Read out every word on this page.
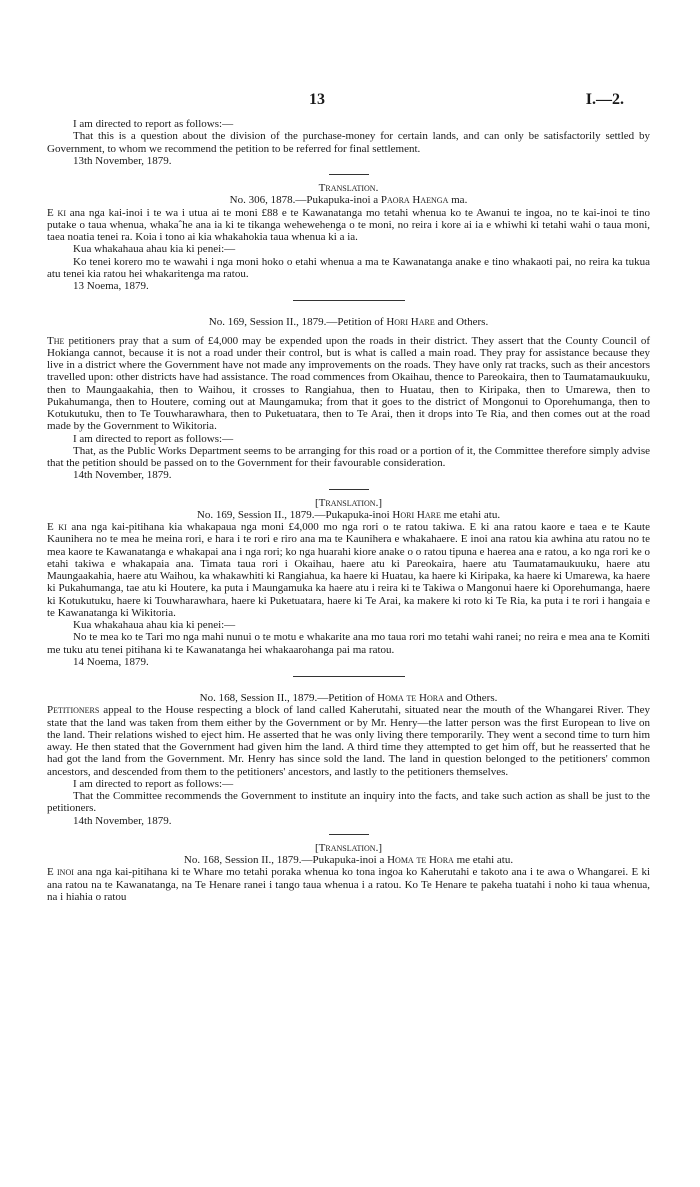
13	I.—2.

I am directed to report as follows:—

That this is a question about the division of the purchase-money for certain lands, and can only be satisfactorily settled by Government, to whom we recommend the petition to be referred for final settlement.

13th November, 1879.

Translation.

No. 306, 1878.—Pukapuka-inoi a Paora Haenga ma.

E ki ana nga kai-inoi i te wa i utua ai te moni £88 e te Kawanatanga mo tetahi whenua ko te Awanui te ingoa, no te kai-inoi te tino putake o taua whenua, whakaˆhe ana ia ki te tikanga wehewehenga o te moni, no reira i kore ai ia e whiwhi ki tetahi wahi o taua moni, taea noatia tenei ra. Koia i tono ai kia whakahokia taua whenua ki a ia.

Kua whakahaua ahau kia ki penei:—

Ko tenei korero mo te wawahi i nga moni hoko o etahi whenua a ma te Kawanatanga anake e tino whakaoti pai, no reira ka tukua atu tenei kia ratou hei whakaritenga ma ratou.

13 Noema, 1879.

No. 169, Session II., 1879.—Petition of Hori Hare and Others.

The petitioners pray that a sum of £4,000 may be expended upon the roads in their district. They assert that the County Council of Hokianga cannot, because it is not a road under their control, but is what is called a main road. They pray for assistance because they live in a district where the Government have not made any improvements on the roads. They have only rat tracks, such as their ancestors travelled upon: other districts have had assistance. The road commences from Okaihau, thence to Pareokaira, then to Taumatamaukuuku, then to Maungaakahia, then to Waihou, it crosses to Rangiahua, then to Huatau, then to Kiripaka, then to Umarewa, then to Pukahumanga, then to Houtere, coming out at Maungamuka; from that it goes to the district of Mongonui to Oporehumanga, then to Kotukutuku, then to Te Touwharawhara, then to Puketuatara, then to Te Arai, then it drops into Te Ria, and then comes out at the road made by the Government to Wikitoria.

I am directed to report as follows:—

That, as the Public Works Department seems to be arranging for this road or a portion of it, the Committee therefore simply advise that the petition should be passed on to the Government for their favourable consideration.

14th November, 1879.

[Translation.]

No. 169, Session II., 1879.—Pukapuka-inoi Hori Hare me etahi atu.

E ki ana nga kai-pitihana kia whakapaua nga moni £4,000 mo nga rori o te ratou takiwa. E ki ana ratou kaore e taea e te Kaute Kaunihera no te mea he meina rori, e hara i te rori e riro ana ma te Kaunihera e whakahaere. E inoi ana ratou kia awhina atu ratou no te mea kaore te Kawanatanga e whakapai ana i nga rori; ko nga huarahi kiore anake o o ratou tipuna e haerea ana e ratou, a ko nga rori ke o etahi takiwa e whakapaia ana. Timata taua rori i Okaihau, haere atu ki Pareokaira, haere atu Taumatamaukuuku, haere atu Maungaakahia, haere atu Waihou, ka whakawhiti ki Rangiahua, ka haere ki Huatau, ka haere ki Kiripaka, ka haere ki Umarewa, ka haere ki Pukahumanga, tae atu ki Houtere, ka puta i Maungamuka ka haere atu i reira ki te Takiwa o Mangonui haere ki Oporehumanga, haere ki Kotukutuku, haere ki Touwharawhara, haere ki Puketuatara, haere ki Te Arai, ka makere ki roto ki Te Ria, ka puta i te rori i hangaia e te Kawanatanga ki Wikitoria.

Kua whakahaua ahau kia ki penei:—

No te mea ko te Tari mo nga mahi nunui o te motu e whakarite ana mo taua rori mo tetahi wahi ranei; no reira e mea ana te Komiti me tuku atu tenei pitihana ki te Kawanatanga hei whakaarohanga pai ma ratou.

14 Noema, 1879.

No. 168, Session II., 1879.—Petition of Homa te Hora and Others.

Petitioners appeal to the House respecting a block of land called Kaherutahi, situated near the mouth of the Whangarei River. They state that the land was taken from them either by the Government or by Mr. Henry—the latter person was the first European to live on the land. Their relations wished to eject him. He asserted that he was only living there temporarily. They went a second time to turn him away. He then stated that the Government had given him the land. A third time they attempted to get him off, but he reasserted that he had got the land from the Government. Mr. Henry has since sold the land. The land in question belonged to the petitioners' common ancestors, and descended from them to the petitioners' ancestors, and lastly to the petitioners themselves.

I am directed to report as follows:—

That the Committee recommends the Government to institute an inquiry into the facts, and take such action as shall be just to the petitioners.

14th November, 1879.

[Translation.]

No. 168, Session II., 1879.—Pukapuka-inoi a Homa te Hora me etahi atu.

E inoi ana nga kai-pitihana ki te Whare mo tetahi poraka whenua ko tona ingoa ko Kaherutahi e takoto ana i te awa o Whangarei. E ki ana ratou na te Kawanatanga, na Te Henare ranei i tango taua whenua i a ratou. Ko Te Henare te pakeha tuatahi i noho ki taua whenua, na i hiahia o ratou
